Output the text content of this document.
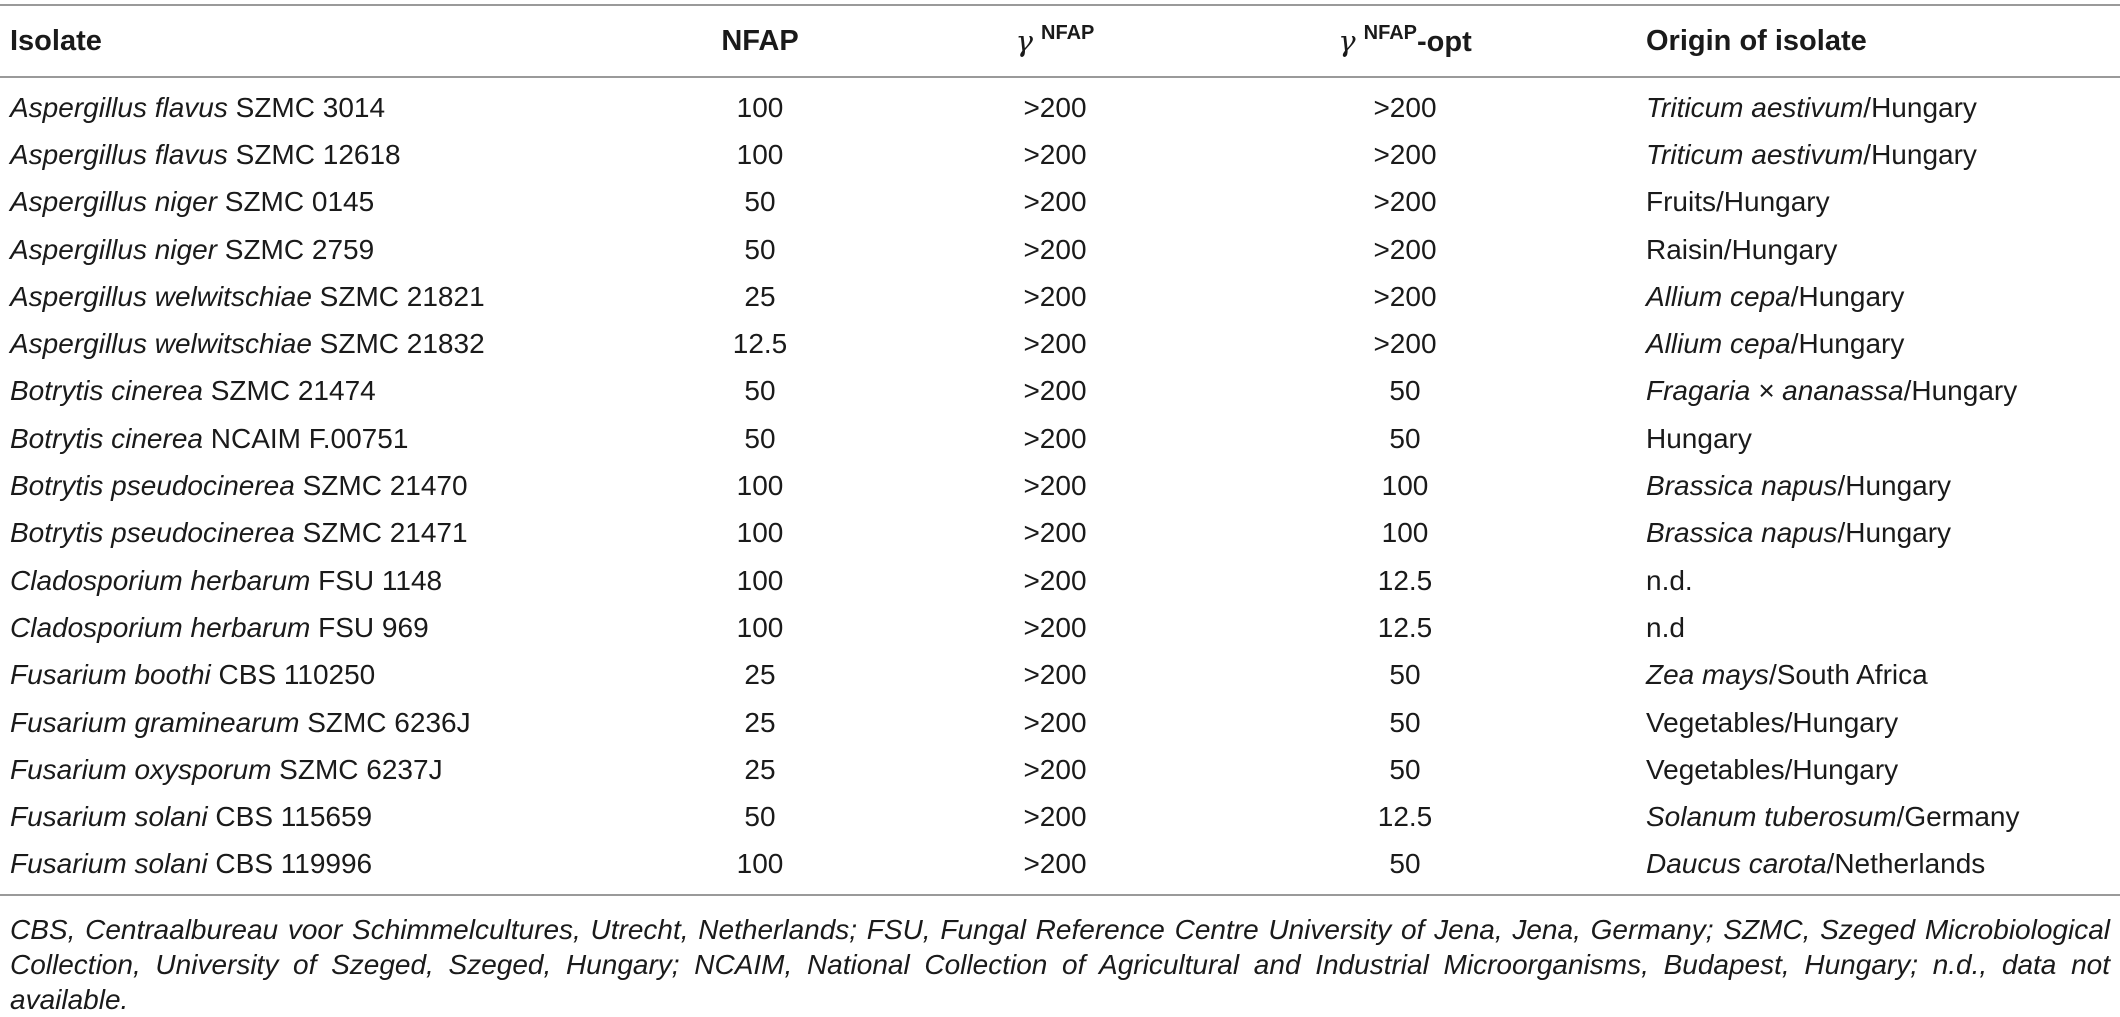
Isolate	NFAP	γ $^{NFAP}$	γ $^{NFAP}$-opt	Origin of isolate
Aspergillus flavus SZMC 3014	100	>200	>200	Triticum aestivum/Hungary
Aspergillus flavus SZMC 12618	100	>200	>200	Triticum aestivum/Hungary
Aspergillus niger SZMC 0145	50	>200	>200	Fruits/Hungary
Aspergillus niger SZMC 2759	50	>200	>200	Raisin/Hungary
Aspergillus welwitschiae SZMC 21821	25	>200	>200	Allium cepa/Hungary
Aspergillus welwitschiae SZMC 21832	12.5	>200	>200	Allium cepa/Hungary
Botrytis cinerea SZMC 21474	50	>200	50	Fragaria × ananassa/Hungary
Botrytis cinerea NCAIM F.00751	50	>200	50	Hungary
Botrytis pseudocinerea SZMC 21470	100	>200	100	Brassica napus/Hungary
Botrytis pseudocinerea SZMC 21471	100	>200	100	Brassica napus/Hungary
Cladosporium herbarum FSU 1148	100	>200	12.5	n.d.
Cladosporium herbarum FSU 969	100	>200	12.5	n.d
Fusarium boothi CBS 110250	25	>200	50	Zea mays/South Africa
Fusarium graminearum SZMC 6236J	25	>200	50	Vegetables/Hungary
Fusarium oxysporum SZMC 6237J	25	>200	50	Vegetables/Hungary
Fusarium solani CBS 115659	50	>200	12.5	Solanum tuberosum/Germany
Fusarium solani CBS 119996	100	>200	50	Daucus carota/Netherlands
CBS, Centraalbureau voor Schimmelcultures, Utrecht, Netherlands; FSU, Fungal Reference Centre University of Jena, Jena, Germany; SZMC, Szeged Microbiological Collection, University of Szeged, Szeged, Hungary; NCAIM, National Collection of Agricultural and Industrial Microorganisms, Budapest, Hungary; n.d., data not available.
